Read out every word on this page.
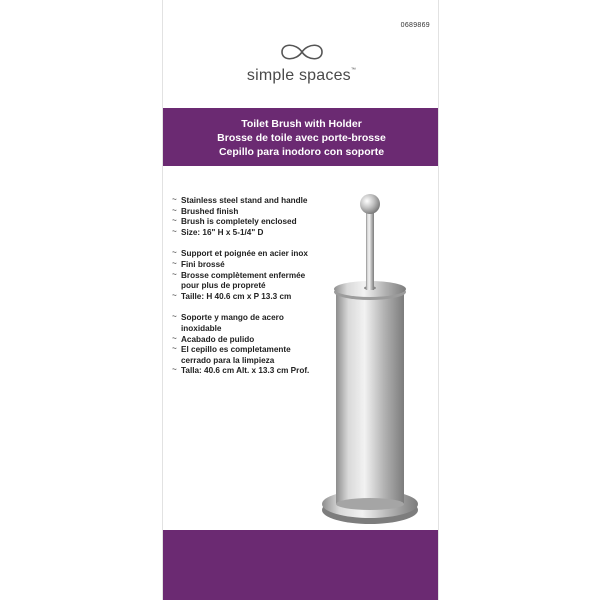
0689869
simple spaces™
Toilet Brush with Holder
Brosse de toile avec porte-brosse
Cepillo para inodoro con soporte
~ Stainless steel stand and handle
~ Brushed finish
~ Brush is completely enclosed
~ Size: 16" H x 5-1/4" D
~ Support et poignée en acier inox
~ Fini brossé
~ Brosse complètement enfermée pour plus de propreté
~ Taille: H 40.6 cm x P 13.3 cm
~ Soporte y mango de acero inoxidable
~ Acabado de pulido
~ El cepillo es completamente cerrado para la limpieza
~ Talla: 40.6 cm Alt. x 13.3 cm Prof.
